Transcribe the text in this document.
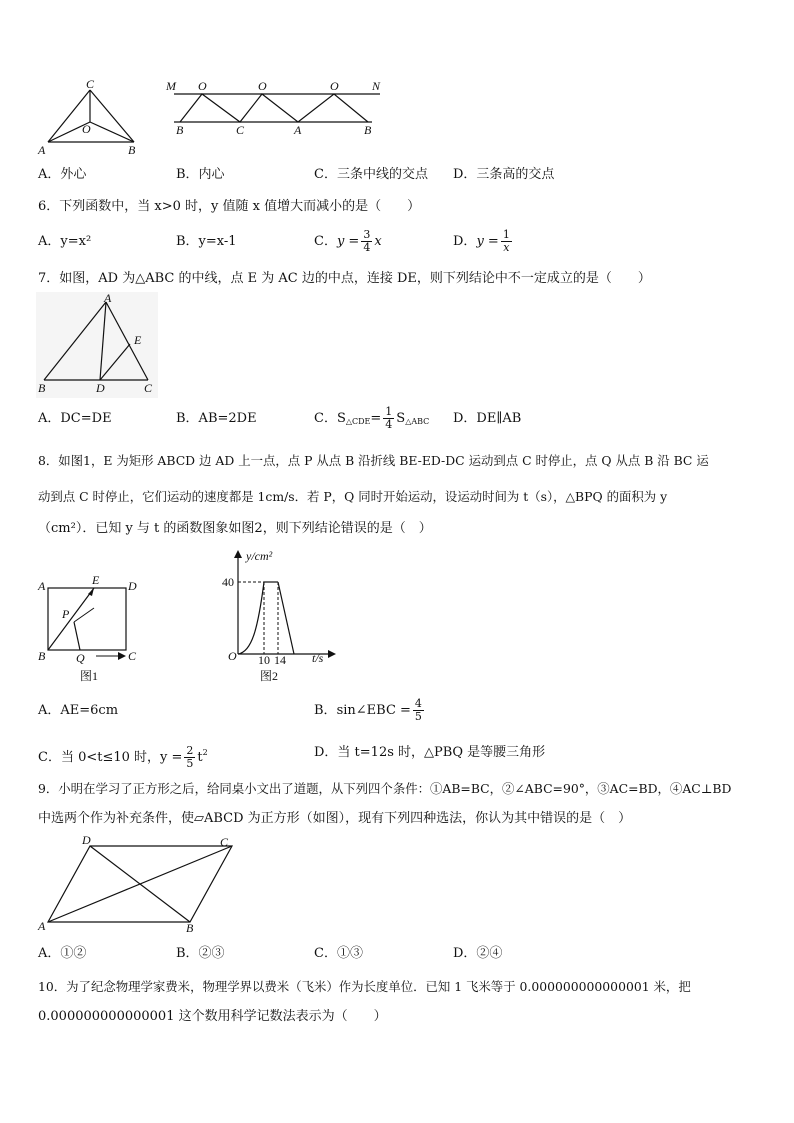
C
O
A	B
M	N
O	O	O
B	C	A	B
A．外心	B．内心	C．三条中线的交点 D．三条高的交点
6．下列函数中，当 x>0 时，y 值随 x 值增大而减小的是（　　）
A．y=x²	B．y=x-1	C．$y = \frac{3}{4}$ x	D．$y = \frac{1}{x}$
7．如图，AD 为△ABC 的中线，点 E 为 AC 边的中点，连接 DE，则下列结论中不一定成立的是（　　）
A
E
B	D	C
A．DC=DE	B．AB=2DE	C．$S_{\triangle CDE}= \frac{1}{4} S_{\triangle ABC}$ D．DE∥AB
8．如图1，E 为矩形 ABCD 边 AD 上一点，点 P 从点 B 沿折线 BE-ED-DC 运动到点 C 时停止，点 Q 从点 B 沿 BC 运
动到点 C 时停止，它们运动的速度都是 1cm/s．若 P，Q 同时开始运动，设运动时间为 t（s），△BPQ 的面积为 y
（cm²）．已知 y 与 t 的函数图象如图2，则下列结论错误的是（　）
A	E D
P
B	Q	C
图1
y/cm²
40
O 10 14 t/s
图2
A．AE=6cm	B．sin∠EBC = $\frac{4}{5}$
C．当 0<t≤10 时，$y = \frac{2}{5} t^2$	D．当 t=12s 时，△PBQ 是等腰三角形
9．小明在学习了正方形之后，给同桌小文出了道题，从下列四个条件：①AB=BC，②∠ABC=90°，③AC=BD，④AC⊥BD
中选两个作为补充条件，使▱ABCD 为正方形（如图），现有下列四种选法，你认为其中错误的是（　）
D	C
A	B
A．①②	B．②③	C．①③	D．②④
10．为了纪念物理学家费米，物理学界以费米（飞米）作为长度单位．已知 1 飞米等于 0.000000000000001 米，把
0.000000000000001 这个数用科学记数法表示为（　　）
